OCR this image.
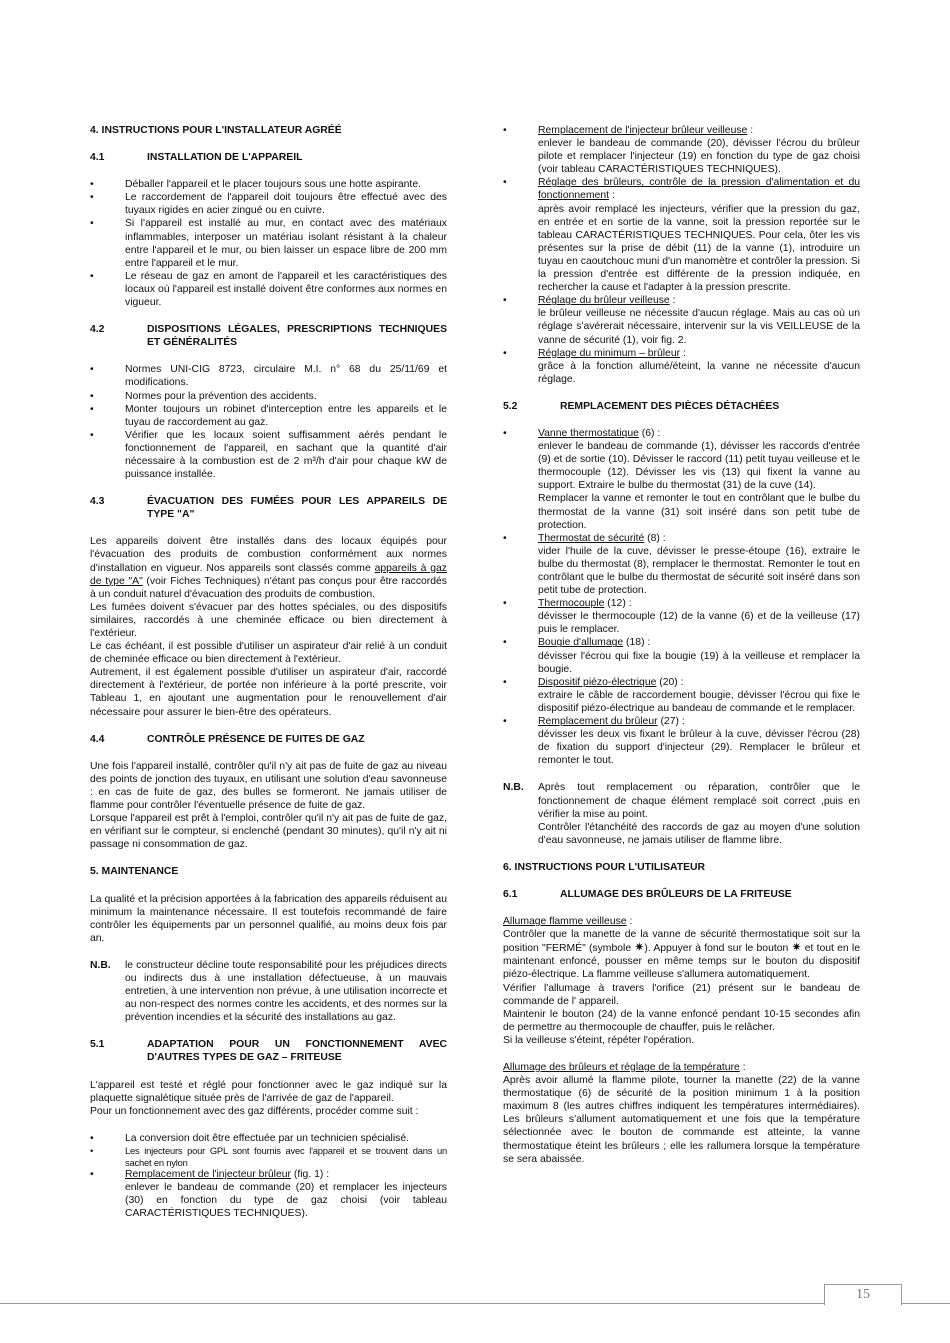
4. INSTRUCTIONS POUR L'INSTALLATEUR AGRÉÉ
4.1	INSTALLATION DE L'APPAREIL
• Déballer l'appareil et le placer toujours sous une hotte aspirante.
• Le raccordement de l'appareil doit toujours être effectué avec des tuyaux rigides en acier zingué ou en cuivre.
• Si l'appareil est installé au mur, en contact avec des matériaux inflammables, interposer un matériau isolant résistant à la chaleur entre l'appareil et le mur, ou bien laisser un espace libre de 200 mm entre l'appareil et le mur.
• Le réseau de gaz en amont de l'appareil et les caractéristiques des locaux où l'appareil est installé doivent être conformes aux normes en vigueur.
4.2	DISPOSITIONS LÉGALES, PRESCRIPTIONS TECHNIQUES ET GÉNÉRALITÉS
• Normes UNI-CIG 8723, circulaire M.I. n° 68 du 25/11/69 et modifications.
• Normes pour la prévention des accidents.
• Monter toujours un robinet d'interception entre les appareils et le tuyau de raccordement au gaz.
• Vérifier que les locaux soient suffisamment aérés pendant le fonctionnement de l'appareil, en sachant que la quantité d'air nécessaire à la combustion est de 2 m³/h d'air pour chaque kW de puissance installée.
4.3	ÉVACUATION DES FUMÉES POUR LES APPAREILS DE TYPE "A"

Les appareils doivent être installés dans des locaux équipés pour l'évacuation des produits de combustion conformément aux normes d'installation en vigueur. Nos appareils sont classés comme appareils à gaz de type "A" (voir Fiches Techniques) n'étant pas conçus pour être raccordés à un conduit naturel d'évacuation des produits de combustion.

Les fumées doivent s'évacuer par des hottes spéciales, ou des dispositifs similaires, raccordés à une cheminée efficace ou bien directement à l'extérieur.

Le cas échéant, il est possible d'utiliser un aspirateur d'air relié à un conduit de cheminée efficace ou bien directement à l'extérieur.

Autrement, il est également possible d'utiliser un aspirateur d'air, raccordé directement à l'extérieur, de portée non inférieure à la porté prescrite, voir Tableau 1, en ajoutant une augmentation pour le renouvellement d'air nécessaire pour assurer le bien-être des opérateurs.

4.4	CONTRÔLE PRÉSENCE DE FUITES DE GAZ

Une fois l'appareil installé, contrôler qu'il n'y ait pas de fuite de gaz au niveau des points de jonction des tuyaux, en utilisant une solution d'eau savonneuse : en cas de fuite de gaz, des bulles se formeront. Ne jamais utiliser de flamme pour contrôler l'éventuelle présence de fuite de gaz.

Lorsque l'appareil est prêt à l'emploi, contrôler qu'il n'y ait pas de fuite de gaz, en vérifiant sur le compteur, si enclenché (pendant 30 minutes), qu'il n'y ait ni passage ni consommation de gaz.

5. MAINTENANCE

La qualité et la précision apportées à la fabrication des appareils réduisent au minimum la maintenance nécessaire. Il est toutefois recommandé de faire contrôler les équipements par un personnel qualifié, au moins deux fois par an.

N.B.	le constructeur décline toute responsabilité pour les préjudices directs ou indirects dus à une installation défectueuse, à un mauvais entretien, à une intervention non prévue, à une utilisation incorrecte et au non-respect des normes contre les accidents, et des normes sur la prévention incendies et la sécurité des installations au gaz.
5.1	ADAPTATION POUR UN FONCTIONNEMENT AVEC D'AUTRES TYPES DE GAZ – FRITEUSE

L'appareil est testé et réglé pour fonctionner avec le gaz indiqué sur la plaquette signalétique située près de l'arrivée de gaz de l'appareil.

Pour un fonctionnement avec des gaz différents, procéder comme suit :

• La conversion doit être effectuée par un technicien spécialisé.
• Les injecteurs pour GPL sont fournis avec l'appareil et se trouvent dans un sachet en nylon
• Remplacement de l'injecteur brûleur (fig. 1) :
enlever le bandeau de commande (20) et remplacer les injecteurs (30) en fonction du type de gaz choisi (voir tableau CARACTÉRISTIQUES TECHNIQUES).
• Remplacement de l'injecteur brûleur veilleuse :
enlever le bandeau de commande (20), dévisser l'écrou du brûleur pilote et remplacer l'injecteur (19) en fonction du type de gaz choisi (voir tableau CARACTÉRISTIQUES TECHNIQUES).
• Réglage des brûleurs, contrôle de la pression d'alimentation et du fonctionnement :
après avoir remplacé les injecteurs, vérifier que la pression du gaz, en entrée et en sortie de la vanne, soit la pression reportée sur le tableau CARACTÉRISTIQUES TECHNIQUES. Pour cela, ôter les vis présentes sur la prise de débit (11) de la vanne (1), introduire un tuyau en caoutchouc muni d'un manomètre et contrôler la pression. Si la pression d'entrée est différente de la pression indiquée, en rechercher la cause et l'adapter à la pression prescrite.
• Réglage du brûleur veilleuse :
le brûleur veilleuse ne nécessite d'aucun réglage. Mais au cas où un réglage s'avérerait nécessaire, intervenir sur la vis VEILLEUSE de la vanne de sécurité (1), voir fig. 2.
• Réglage du minimum – brûleur :
grâce à la fonction allumé/éteint, la vanne ne nécessite d'aucun réglage.
5.2	REMPLACEMENT DES PIÈCES DÉTACHÉES
• Vanne thermostatique (6) :
enlever le bandeau de commande (1), dévisser les raccords d'entrée (9) et de sortie (10). Dévisser le raccord (11) petit tuyau veilleuse et le thermocouple (12). Dévisser les vis (13) qui fixent la vanne au support. Extraire le bulbe du thermostat (31) de la cuve (14).
Remplacer la vanne et remonter le tout en contrôlant que le bulbe du thermostat de la vanne (31) soit inséré dans son petit tube de protection.
• Thermostat de sécurité (8) :
vider l'huile de la cuve, dévisser le presse-étoupe (16), extraire le bulbe du thermostat (8), remplacer le thermostat. Remonter le tout en contrôlant que le bulbe du thermostat de sécurité soit inséré dans son petit tube de protection.
• Thermocouple (12) :
dévisser le thermocouple (12) de la vanne (6) et de la veilleuse (17) puis le remplacer.
• Bougie d'allumage (18) :
dévisser l'écrou qui fixe la bougie (19) à la veilleuse et remplacer la bougie.
• Dispositif piézo-électrique (20) :
extraire le câble de raccordement bougie, dévisser l'écrou qui fixe le dispositif piézo-électrique au bandeau de commande et le remplacer.
• Remplacement du brûleur (27) :
dévisser les deux vis fixant le brûleur à la cuve, dévisser l'écrou (28) de fixation du support d'injecteur (29). Remplacer le brûleur et remonter le tout.
N.B.	Après tout remplacement ou réparation, contrôler que le fonctionnement de chaque élément remplacé soit correct ,puis en vérifier la mise au point.
Contrôler l'étanchéité des raccords de gaz au moyen d'une solution d'eau savonneuse, ne jamais utiliser de flamme libre.
6. INSTRUCTIONS POUR L'UTILISATEUR
6.1	ALLUMAGE DES BRÛLEURS DE LA FRITEUSE

Allumage flamme veilleuse :

Contrôler que la manette de la vanne de sécurité thermostatique soit sur la position "FERMÉ" (symbole ✷). Appuyer à fond sur le bouton ✷ et tout en le maintenant enfoncé, pousser en même temps sur le bouton du dispositif piézo-électrique. La flamme veilleuse s'allumera automatiquement.

Vérifier l'allumage à travers l'orifice (21) présent sur le bandeau de commande de l' appareil.

Maintenir le bouton (24) de la vanne enfoncé pendant 10-15 secondes afin de permettre au thermocouple de chauffer, puis le relâcher.

Si la veilleuse s'éteint, répéter l'opération.

Allumage des brûleurs et réglage de la température :

Après avoir allumé la flamme pilote, tourner la manette (22) de la vanne thermostatique (6) de sécurité de la position minimum 1 à la position maximum 8 (les autres chiffres indiquent les températures intermédiaires). Les brûleurs s'allument automatiquement et une fois que la température sélectionnée avec le bouton de commande est atteinte, la vanne thermostatique éteint les brûleurs ; elle les rallumera lorsque la température se sera abaissée.

15
